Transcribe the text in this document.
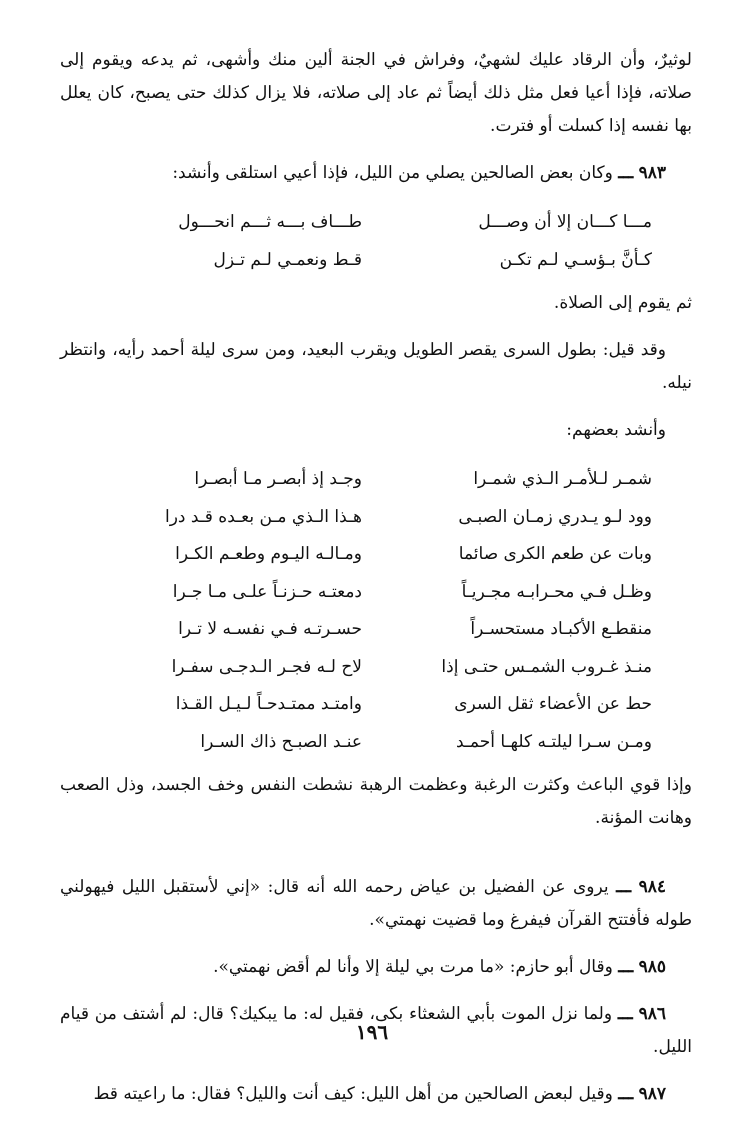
لوثيرٌ، وأن الرقاد عليك لشهيٌ، وفراش في الجنة ألين منك وأشهى، ثم يدعه ويقوم إلى صلاته، فإذا أعيا فعل مثل ذلك أيضاً ثم عاد إلى صلاته، فلا يزال كذلك حتى يصبح، كان يعلل بها نفسه إذا كسلت أو فترت.

٩٨٣ ـــ وكان بعض الصالحين يصلي من الليل، فإذا أعيي استلقى وأنشد:

مـــا كـــان إلا أن وصـــل
طـــاف بـــه ثـــم انحـــول
كـأنَّ بـؤسـي لـم تكـن
قـط ونعمـي لـم تـزل

ثم يقوم إلى الصلاة.

وقد قيل: بطول السرى يقصر الطويل ويقرب البعيد، ومن سرى ليلة أحمد رأيه، وانتظر نيله.

وأنشد بعضهم:

شمـر لـلأمـر الـذي شمـرا
وجـد إذ أبصـر مـا أبصـرا
وود لـو يـدري زمـان الصبـى
هـذا الـذي مـن بعـده قـد درا
وبات عن طعم الكرى صائما
ومـالـه اليـوم وطعـم الكـرا
وظـل فـي محـرابـه مجـريـاً
دمعتـه حـزنـاً علـى مـا جـرا
منقطـع الأكبـاد مستحسـراً
حسـرتـه فـي نفسـه لا تـرا
منـذ غـروب الشمـس حتـى إذا
لاح لـه فجـر الـدجـى سفـرا
حط عن الأعضاء ثقل السرى
وامتـد ممتـدحـاً لـيـل القـذا
ومـن سـرا ليلتـه كلهـا أحمـد
عنـد الصبـح ذاك السـرا

وإذا قوي الباعث وكثرت الرغبة وعظمت الرهبة نشطت النفس وخف الجسد، وذل الصعب وهانت المؤنة.

٩٨٤ ـــ يروى عن الفضيل بن عياض رحمه الله أنه قال: «إني لأستقبل الليل فيهولني طوله فأفتتح القرآن فيفرغ وما قضيت نهمتي».

٩٨٥ ـــ وقال أبو حازم: «ما مرت بي ليلة إلا وأنا لم أقض نهمتي».

٩٨٦ ـــ ولما نزل الموت بأبي الشعثاء بكى، فقيل له: ما يبكيك؟ قال: لم أشتف من قيام الليل.

٩٨٧ ـــ وقيل لبعض الصالحين من أهل الليل: كيف أنت والليل؟ فقال: ما راعيته قط

١٩٦
